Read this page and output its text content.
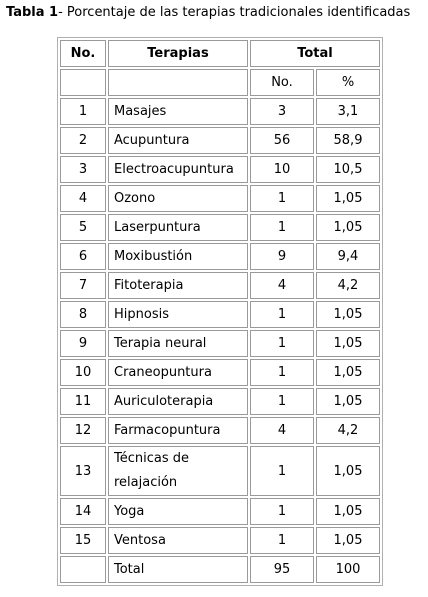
Tabla 1- Porcentaje de las terapias tradicionales identificadas
No.	Terapias	Total	
		No.	%
1	Masajes	3	3,1
2	Acupuntura	56	58,9
3	Electroacupuntura	10	10,5
4	Ozono	1	1,05
5	Laserpuntura	1	1,05
6	Moxibustión	9	9,4
7	Fitoterapia	4	4,2
8	Hipnosis	1	1,05
9	Terapia neural	1	1,05
10	Craneopuntura	1	1,05
11	Auriculoterapia	1	1,05
12	Farmacopuntura	4	4,2
13	Técnicas de relajación	1	1,05
14	Yoga	1	1,05
15	Ventosa	1	1,05
	Total	95	100
